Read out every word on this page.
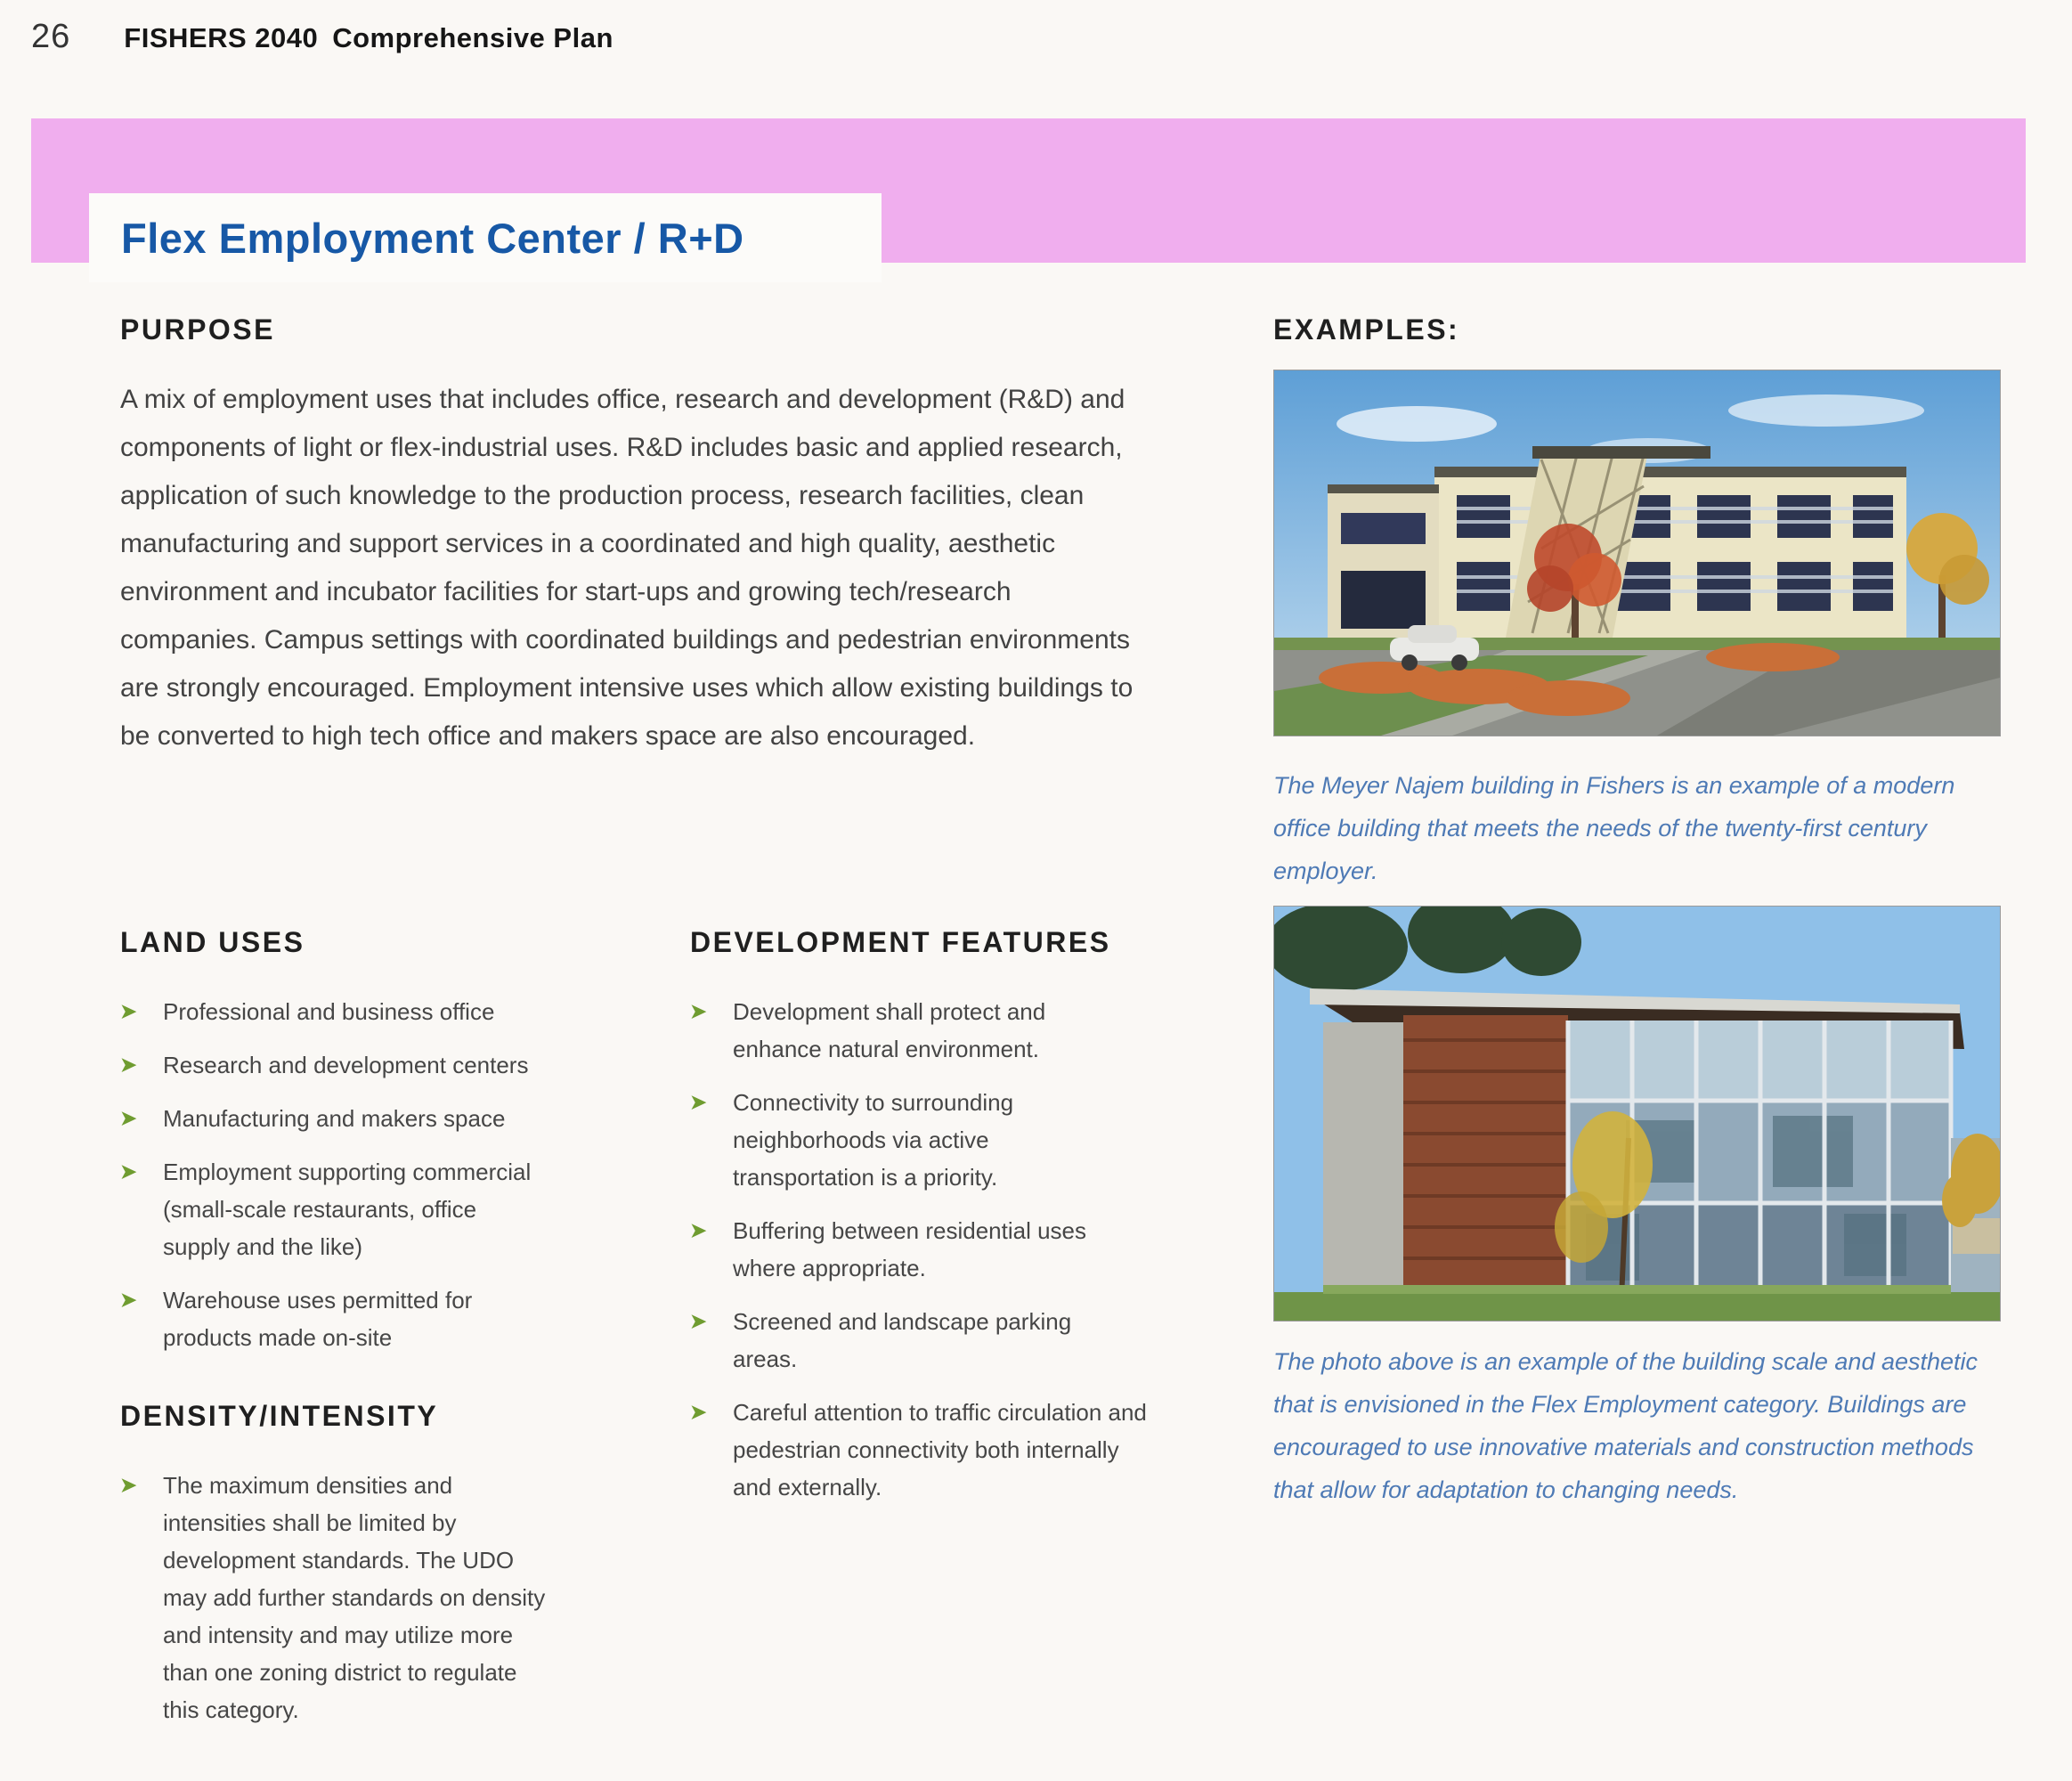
26 FISHERS 2040 Comprehensive Plan
Flex Employment Center / R+D
PURPOSE
A mix of employment uses that includes office, research and development (R&D) and components of light or flex-industrial uses. R&D includes basic and applied research, application of such knowledge to the production process, research facilities, clean manufacturing and support services in a coordinated and high quality, aesthetic environment and incubator facilities for start-ups and growing tech/research companies. Campus settings with coordinated buildings and pedestrian environments are strongly encouraged. Employment intensive uses which allow existing buildings to be converted to high tech office and makers space are also encouraged.
LAND USES
➤	Professional and business office
➤	Research and development centers
➤	Manufacturing and makers space
➤	Employment supporting commercial (small-scale restaurants, office supply and the like)
➤	Warehouse uses permitted for products made on-site
DENSITY/INTENSITY
➤	The maximum densities and intensities shall be limited by development standards. The UDO may add further standards on density and intensity and may utilize more than one zoning district to regulate this category.
DEVELOPMENT FEATURES
➤	Development shall protect and enhance natural environment.
➤	Connectivity to surrounding neighborhoods via active transportation is a priority.
➤	Buffering between residential uses where appropriate.
➤	Screened and landscape parking areas.
➤	Careful attention to traffic circulation and pedestrian connectivity both internally and externally.
EXAMPLES:
The Meyer Najem building in Fishers is an example of a modern office building that meets the needs of the twenty-first century employer.
The photo above is an example of the building scale and aesthetic that is envisioned in the Flex Employment category. Buildings are encouraged to use innovative materials and construction methods that allow for adaptation to changing needs.
